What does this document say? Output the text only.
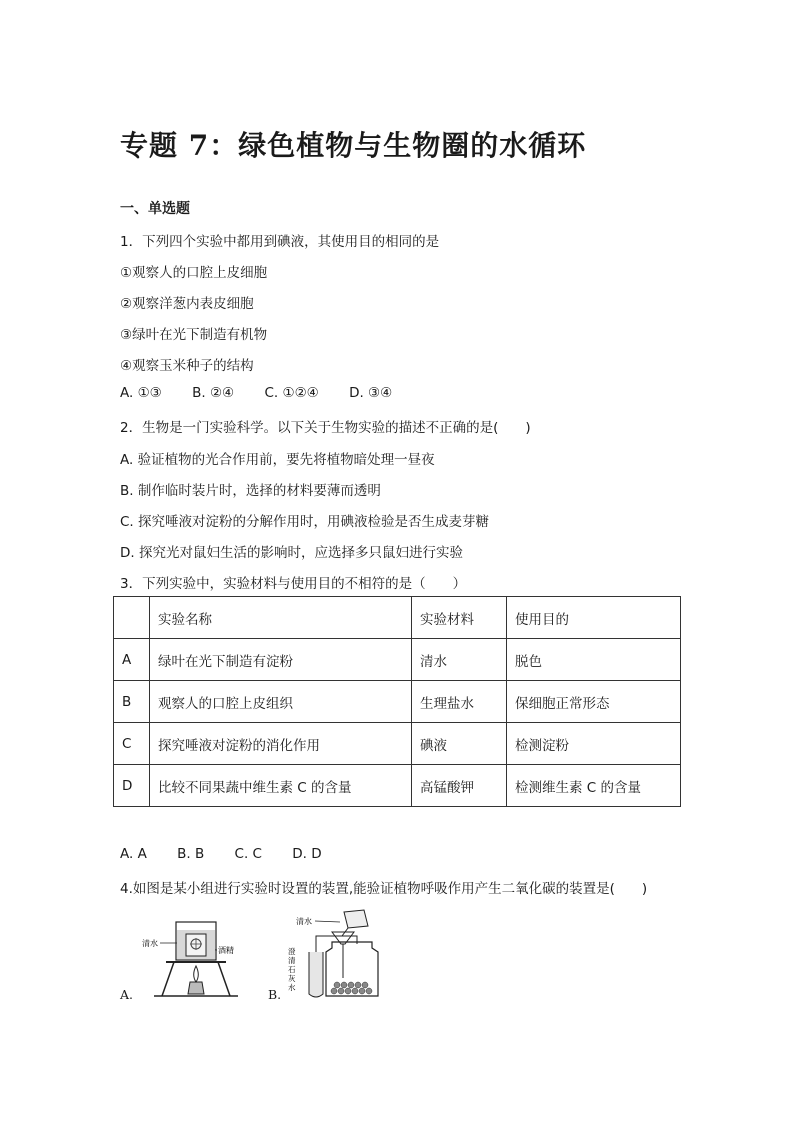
专题 7：绿色植物与生物圈的水循环
一、单选题
1．下列四个实验中都用到碘液，其使用目的相同的是
①观察人的口腔上皮细胞
②观察洋葱内表皮细胞
③绿叶在光下制造有机物
④观察玉米种子的结构
A. ①③ B. ②④ C. ①②④ D. ③④
2．生物是一门实验科学。以下关于生物实验的描述不正确的是(　　)
A. 验证植物的光合作用前，要先将植物暗处理一昼夜
B. 制作临时装片时，选择的材料要薄而透明
C. 探究唾液对淀粉的分解作用时，用碘液检验是否生成麦芽糖
D. 探究光对鼠妇生活的影响时，应选择多只鼠妇进行实验
3．下列实验中，实验材料与使用目的不相符的是（　　）
	实验名称	实验材料	使用目的
A	绿叶在光下制造有淀粉	清水	脱色
B	观察人的口腔上皮组织	生理盐水	保细胞正常形态
C	探究唾液对淀粉的消化作用	碘液	检测淀粉
D	比较不同果蔬中维生素 C 的含量	高锰酸钾	检测维生素 C 的含量
A. A B. B C. C D. D
4.如图是某小组进行实验时设置的装置,能验证植物呼吸作用产生二氧化碳的装置是(　　)
A.
清水
酒精
B.
清水
澄
清
石
灰
水
